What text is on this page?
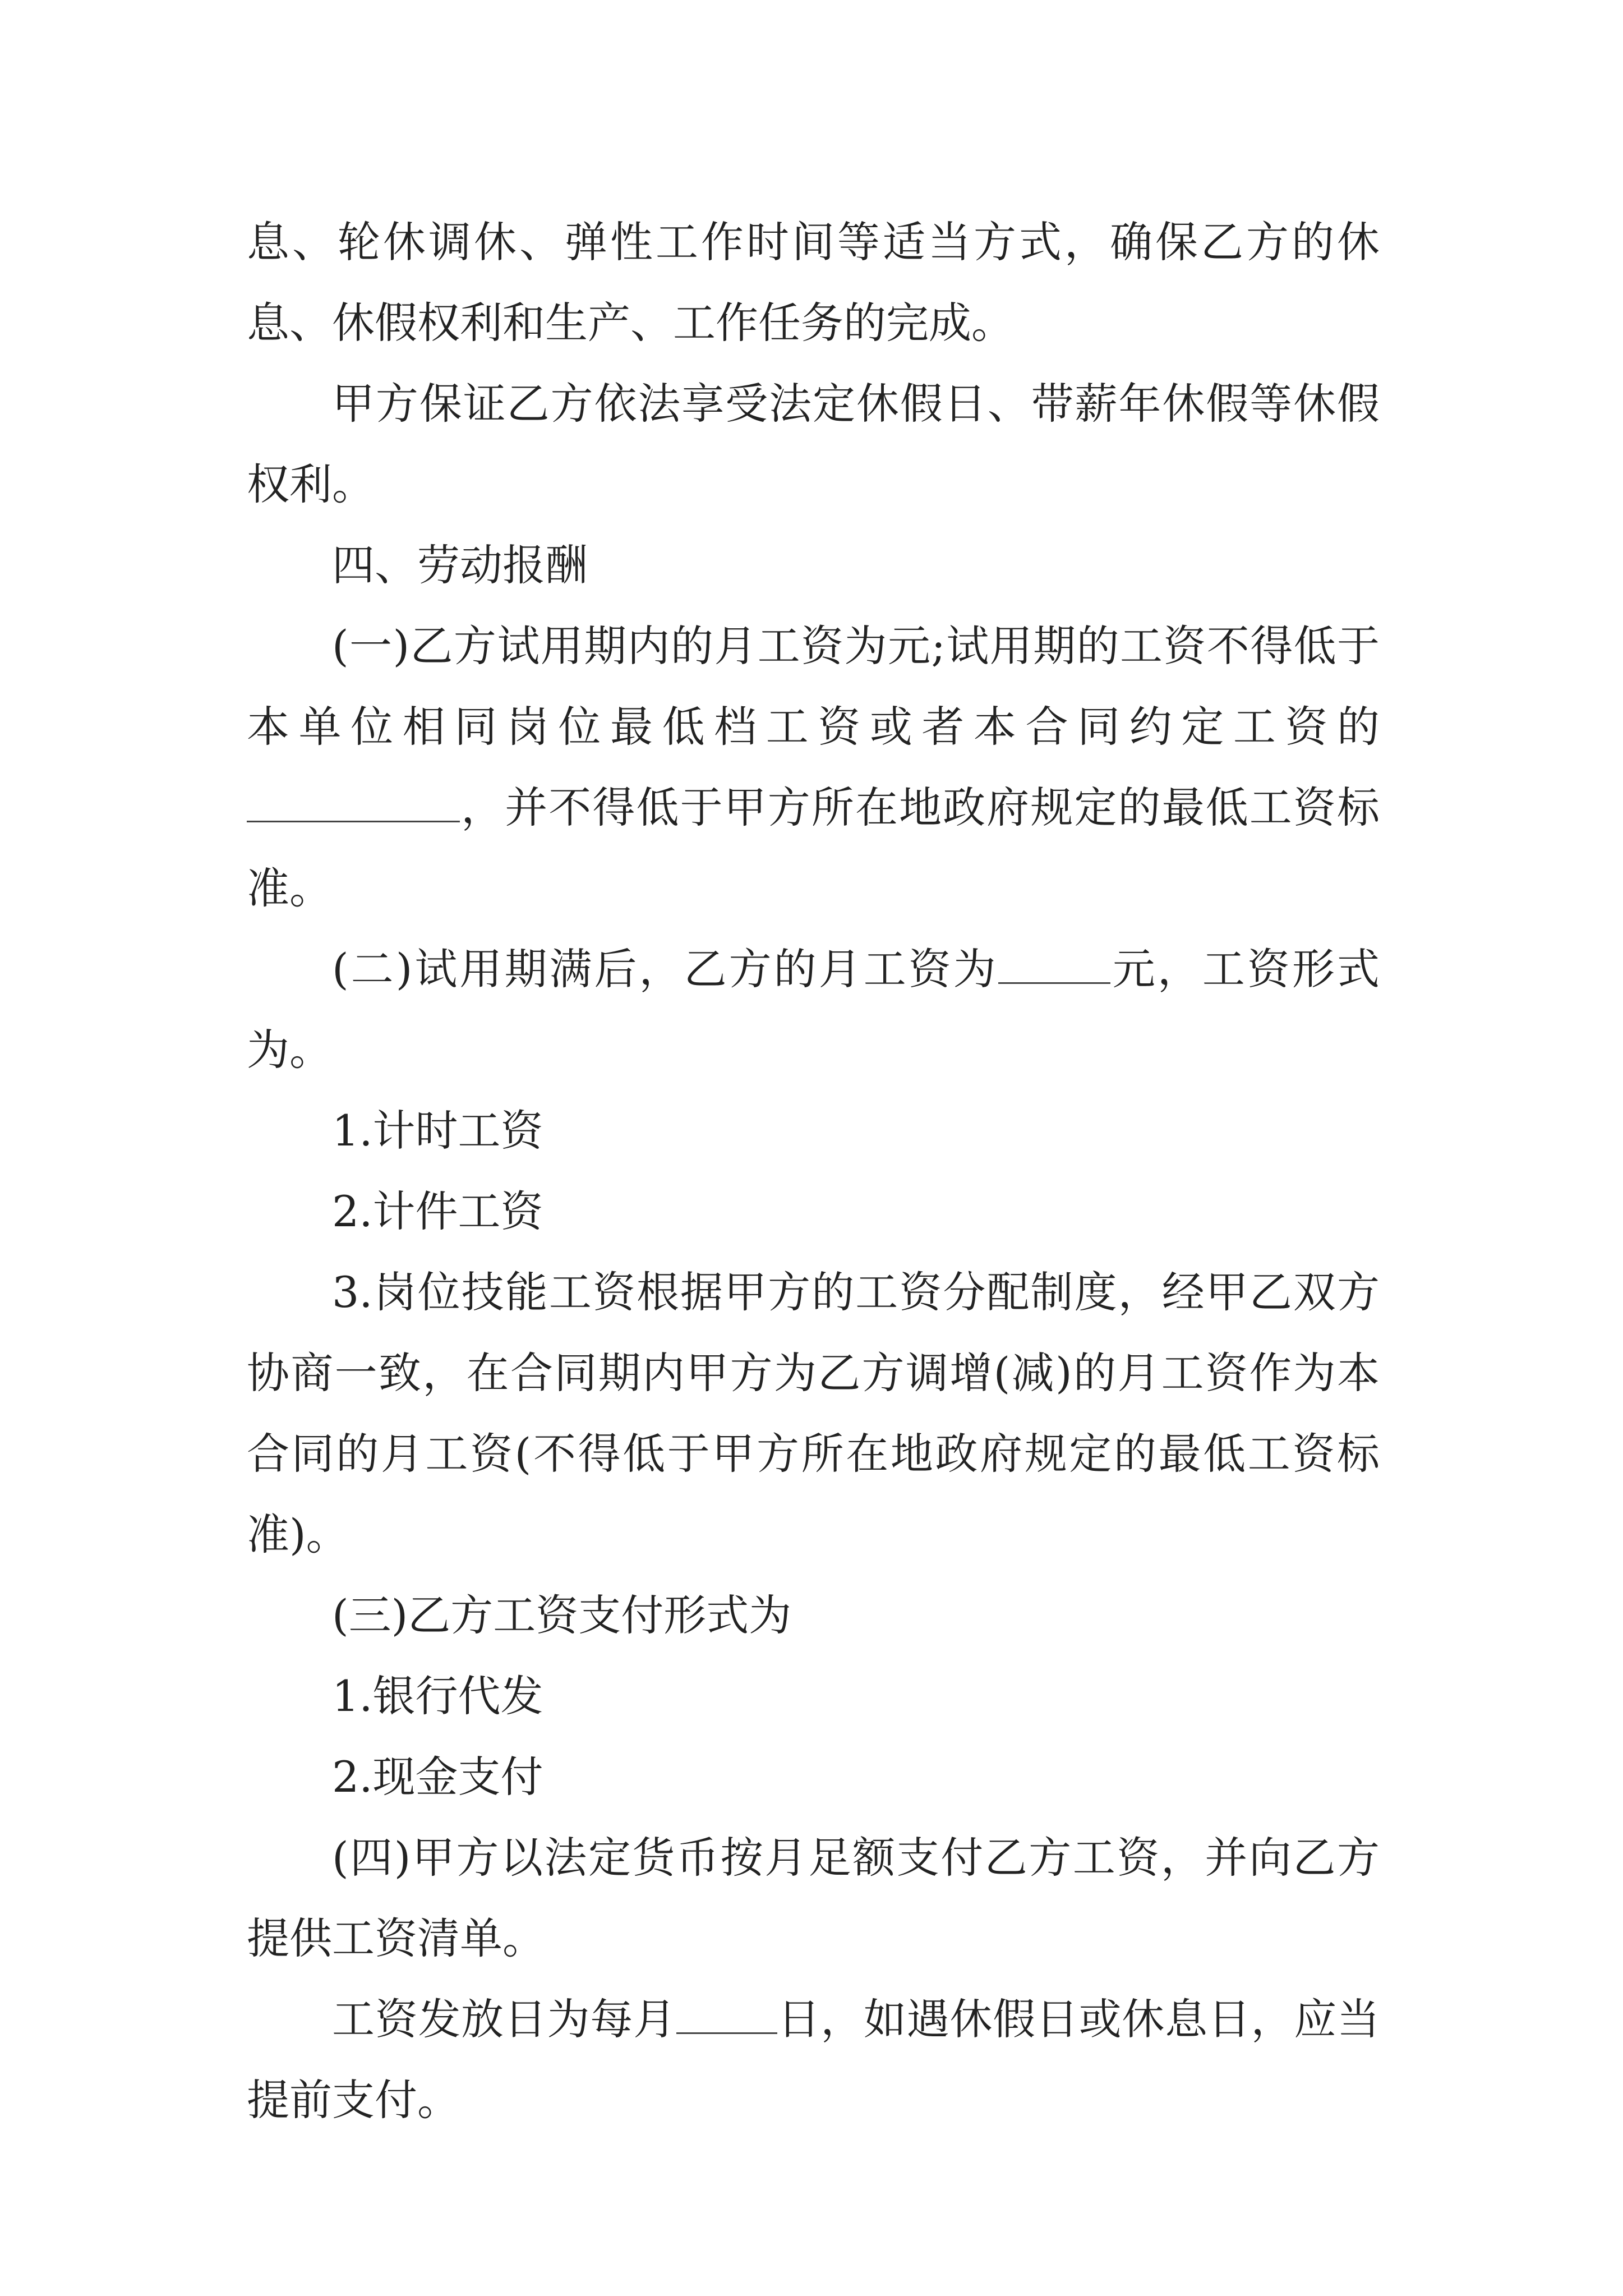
息、轮休调休、弹性工作时间等适当方式，确保乙方的休息、休假权利和生产、工作任务的完成。

甲方保证乙方依法享受法定休假日、带薪年休假等休假权利。

四、劳动报酬

(一)乙方试用期内的月工资为元;试用期的工资不得低于本单位相同岗位最低档工资或者本合同约定工资的，并不得低于甲方所在地政府规定的最低工资标准。

(二)试用期满后，乙方的月工资为	元，工资形式为。

1.计时工资

2.计件工资

3.岗位技能工资根据甲方的工资分配制度，经甲乙双方协商一致，在合同期内甲方为乙方调增(减)的月工资作为本合同的月工资(不得低于甲方所在地政府规定的最低工资标准)。

(三)乙方工资支付形式为

1.银行代发

2.现金支付

(四)甲方以法定货币按月足额支付乙方工资，并向乙方提供工资清单。

工资发放日为每月 日，如遇休假日或休息日，应当提前支付。
